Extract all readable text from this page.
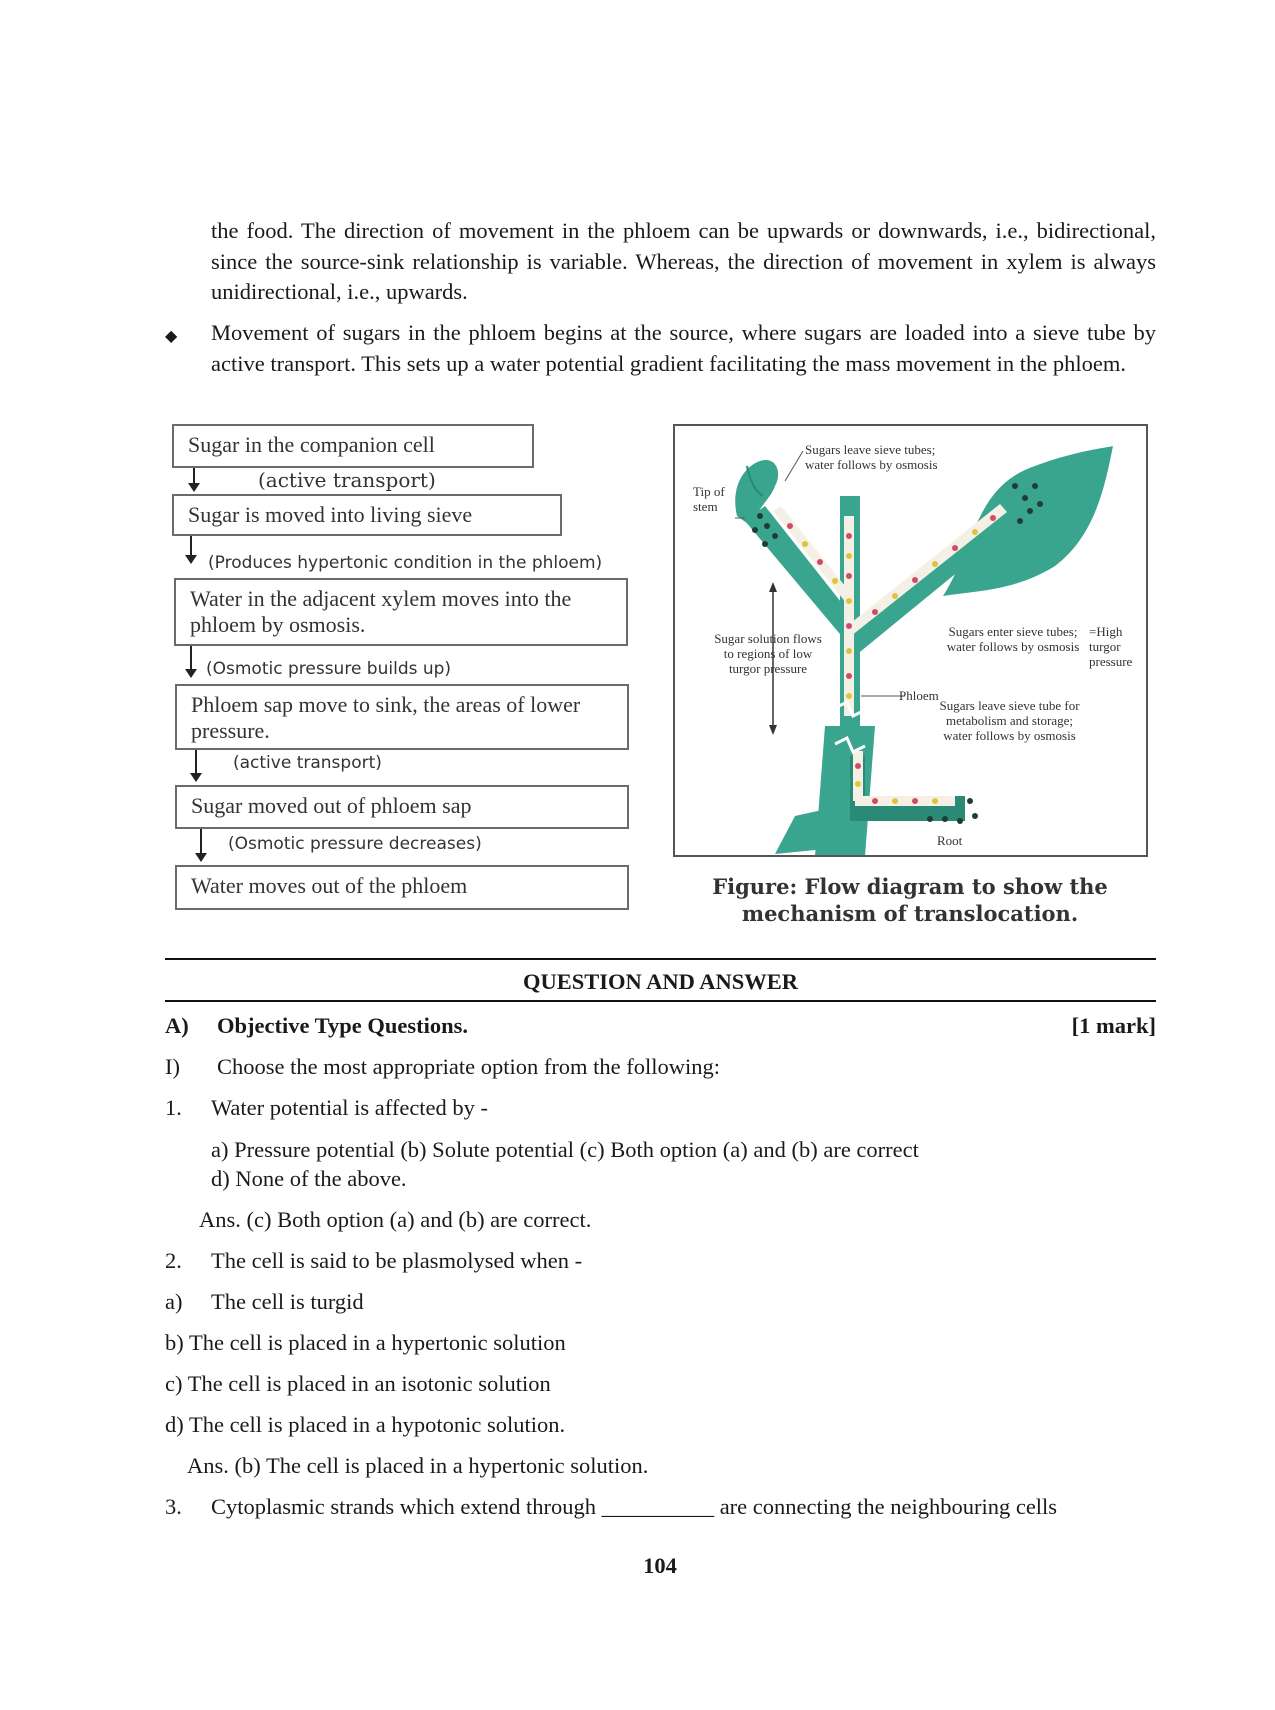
the food. The direction of movement in the phloem can be upwards or downwards, i.e., bidirectional, since the source-sink relationship is variable. Whereas, the direction of movement in xylem is always unidirectional, i.e., upwards.
◆ Movement of sugars in the phloem begins at the source, where sugars are loaded into a sieve tube by active transport. This sets up a water potential gradient facilitating the mass movement in the phloem.
Sugar in the companion cell
(active transport)
Sugar is moved into living sieve
(Produces hypertonic condition in the phloem)
Water in the adjacent xylem moves into the phloem by osmosis.
(Osmotic pressure builds up)
Phloem sap move to sink, the areas of lower pressure.
(active transport)
Sugar moved out of phloem sap
(Osmotic pressure decreases)
Water moves out of the phloem
Sugars leave sieve tubes; water follows by osmosis
Tip of stem
Sugar solution flows to regions of low turgor pressure
Sugars enter sieve tubes; water follows by osmosis
=High turgor pressure
Phloem
Sugars leave sieve tube for metabolism and storage; water follows by osmosis
Root
Figure: Flow diagram to show the mechanism of translocation.
QUESTION AND ANSWER
A) Objective Type Questions.	[1 mark]
I) Choose the most appropriate option from the following:
1. Water potential is affected by -
a) Pressure potential (b) Solute potential (c) Both option (a) and (b) are correct
d) None of the above.
Ans. (c) Both option (a) and (b) are correct.
2. The cell is said to be plasmolysed when -
a) The cell is turgid
b) The cell is placed in a hypertonic solution
c) The cell is placed in an isotonic solution
d) The cell is placed in a hypotonic solution.
Ans. (b) The cell is placed in a hypertonic solution.
3. Cytoplasmic strands which extend through __________ are connecting the neighbouring cells
104
